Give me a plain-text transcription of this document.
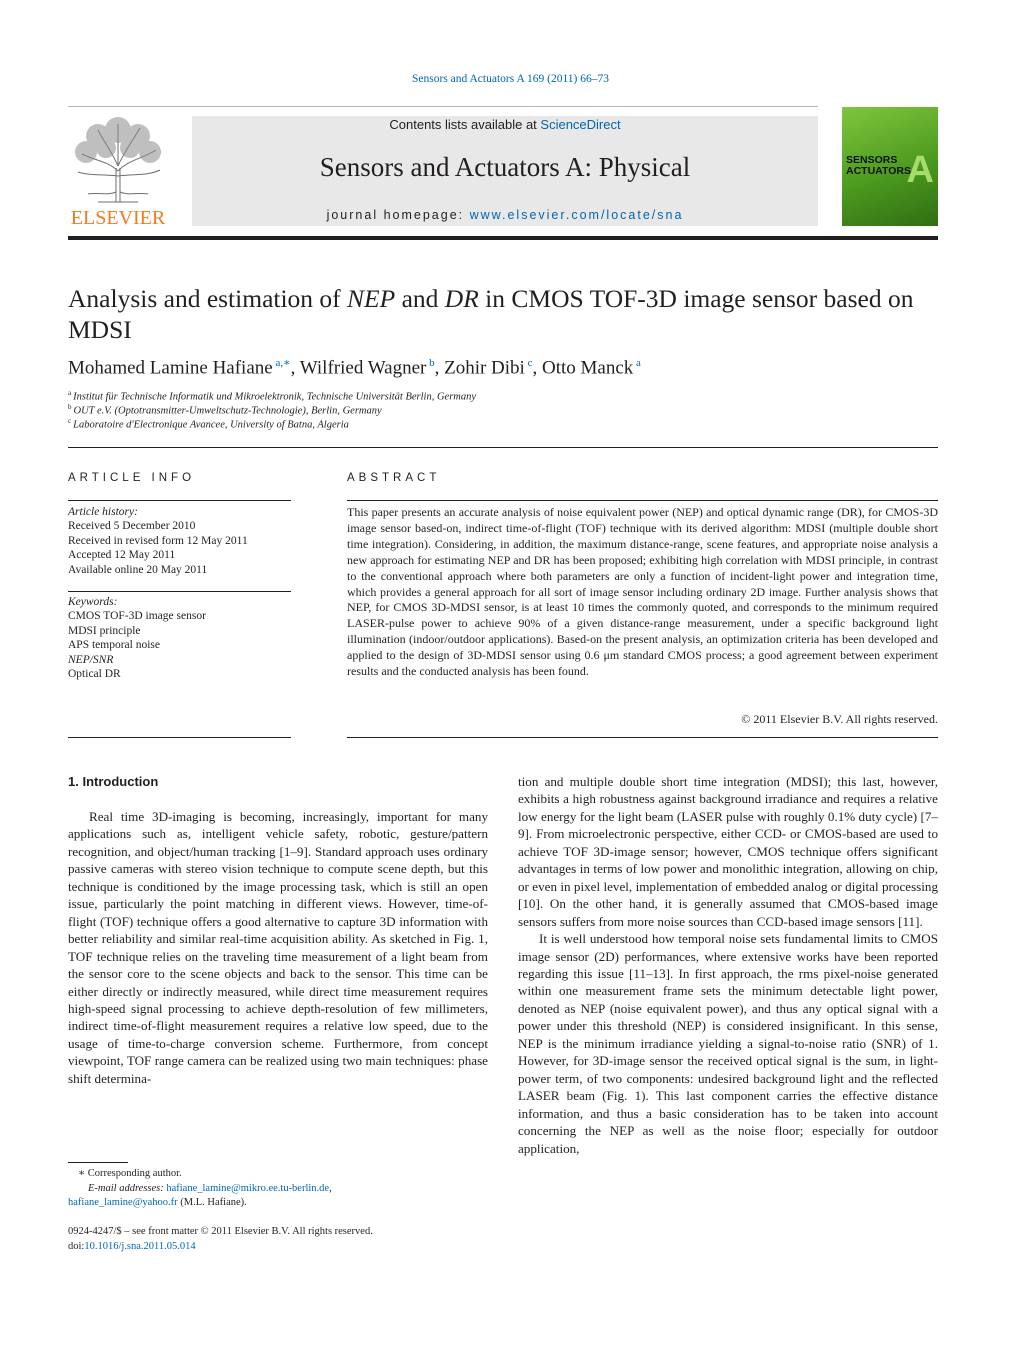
Sensors and Actuators A 169 (2011) 66–73
ELSEVIER
Contents lists available at ScienceDirect
Sensors and Actuators A: Physical
journal homepage: www.elsevier.com/locate/sna
SENSORS
ACTUATORS
A
Analysis and estimation of NEP and DR in CMOS TOF-3D image sensor based on MDSI
Mohamed Lamine Hafiane $^{a,∗}$, Wilfried Wagner $^b$, Zohir Dibi $^c$, Otto Manck $^a$
$^a$ Institut für Technische Informatik und Mikroelektronik, Technische Universität Berlin, Germany
$^b$ OUT e.V. (Optotransmitter-Umweltschutz-Technologie), Berlin, Germany
$^c$ Laboratoire d'Electronique Avancee, University of Batna, Algeria
ARTICLE INFO
Article history:
Received 5 December 2010
Received in revised form 12 May 2011
Accepted 12 May 2011
Available online 20 May 2011
Keywords:
CMOS TOF-3D image sensor
MDSI principle
APS temporal noise
NEP/SNR
Optical DR
ABSTRACT
This paper presents an accurate analysis of noise equivalent power (NEP) and optical dynamic range (DR), for CMOS-3D image sensor based-on, indirect time-of-flight (TOF) technique with its derived algorithm: MDSI (multiple double short time integration). Considering, in addition, the maximum distance-range, scene features, and appropriate noise analysis a new approach for estimating NEP and DR has been proposed; exhibiting high correlation with MDSI principle, in contrast to the conventional approach where both parameters are only a function of incident-light power and integration time, which provides a general approach for all sort of image sensor including ordinary 2D image. Further analysis shows that NEP, for CMOS 3D-MDSI sensor, is at least 10 times the commonly quoted, and corresponds to the minimum required LASER-pulse power to achieve 90% of a given distance-range measurement, under a specific background light illumination (indoor/outdoor applications). Based-on the present analysis, an optimization criteria has been developed and applied to the design of 3D-MDSI sensor using 0.6 μm standard CMOS process; a good agreement between experiment results and the conducted analysis has been found.
© 2011 Elsevier B.V. All rights reserved.
1. Introduction

Real time 3D-imaging is becoming, increasingly, important for many applications such as, intelligent vehicle safety, robotic, gesture/pattern recognition, and object/human tracking [1–9]. Standard approach uses ordinary passive cameras with stereo vision technique to compute scene depth, but this technique is conditioned by the image processing task, which is still an open issue, particularly the point matching in different views. However, time-of-flight (TOF) technique offers a good alternative to capture 3D information with better reliability and similar real-time acquisition ability. As sketched in Fig. 1, TOF technique relies on the traveling time measurement of a light beam from the sensor core to the scene objects and back to the sensor. This time can be either directly or indirectly measured, while direct time measurement requires high-speed signal processing to achieve depth-resolution of few millimeters, indirect time-of-flight measurement requires a relative low speed, due to the usage of time-to-charge conversion scheme. Furthermore, from concept viewpoint, TOF range camera can be realized using two main techniques: phase shift determina-

tion and multiple double short time integration (MDSI); this last, however, exhibits a high robustness against background irradiance and requires a relative low energy for the light beam (LASER pulse with roughly 0.1% duty cycle) [7–9]. From microelectronic perspective, either CCD- or CMOS-based are used to achieve TOF 3D-image sensor; however, CMOS technique offers significant advantages in terms of low power and monolithic integration, allowing on chip, or even in pixel level, implementation of embedded analog or digital processing [10]. On the other hand, it is generally assumed that CMOS-based image sensors suffers from more noise sources than CCD-based image sensors [11].

It is well understood how temporal noise sets fundamental limits to CMOS image sensor (2D) performances, where extensive works have been reported regarding this issue [11–13]. In first approach, the rms pixel-noise generated within one measurement frame sets the minimum detectable light power, denoted as NEP (noise equivalent power), and thus any optical signal with a power under this threshold (NEP) is considered insignificant. In this sense, NEP is the minimum irradiance yielding a signal-to-noise ratio (SNR) of 1. However, for 3D-image sensor the received optical signal is the sum, in light-power term, of two components: undesired background light and the reflected LASER beam (Fig. 1). This last component carries the effective distance information, and thus a basic consideration has to be taken into account concerning the NEP as well as the noise floor; especially for outdoor application,

∗ Corresponding author.
E-mail addresses: hafiane_lamine@mikro.ee.tu-berlin.de,
hafiane_lamine@yahoo.fr (M.L. Hafiane).
0924-4247/$ – see front matter © 2011 Elsevier B.V. All rights reserved.
doi:10.1016/j.sna.2011.05.014
